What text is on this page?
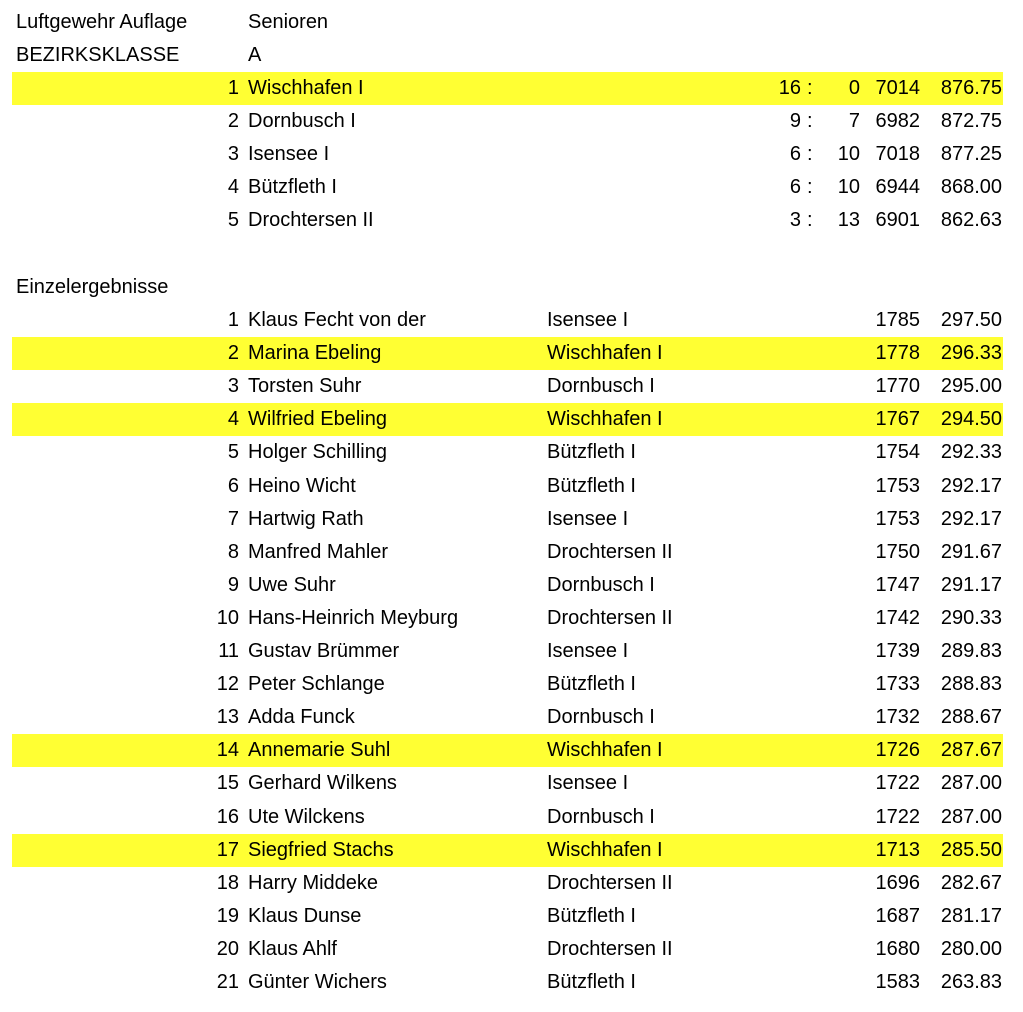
Luftgewehr Auflage	Senioren
BEZIRKSKLASSE	A
1 Wischhafen I	16 :	0 7014	876.75
2 Dornbusch I	9 :	7 6982	872.75
3 Isensee I	6 :	10 7018	877.25
4 Bützfleth I	6 :	10 6944	868.00
5 Drochtersen II	3 :	13 6901	862.63
Einzelergebnisse
1 Klaus Fecht von der	Isensee I	1785	297.50
2 Marina Ebeling	Wischhafen I	1778	296.33
3 Torsten Suhr	Dornbusch I	1770	295.00
4 Wilfried Ebeling	Wischhafen I	1767	294.50
5 Holger Schilling	Bützfleth I	1754	292.33
6 Heino Wicht	Bützfleth I	1753	292.17
7 Hartwig Rath	Isensee I	1753	292.17
8 Manfred Mahler	Drochtersen II	1750	291.67
9 Uwe Suhr	Dornbusch I	1747	291.17
10 Hans-Heinrich Meyburg	Drochtersen II	1742	290.33
11 Gustav Brümmer	Isensee I	1739	289.83
12 Peter Schlange	Bützfleth I	1733	288.83
13 Adda Funck	Dornbusch I	1732	288.67
14 Annemarie Suhl	Wischhafen I	1726	287.67
15 Gerhard Wilkens	Isensee I	1722	287.00
16 Ute Wilckens	Dornbusch I	1722	287.00
17 Siegfried Stachs	Wischhafen I	1713	285.50
18 Harry Middeke	Drochtersen II	1696	282.67
19 Klaus Dunse	Bützfleth I	1687	281.17
20 Klaus Ahlf	Drochtersen II	1680	280.00
21 Günter Wichers	Bützfleth I	1583	263.83
